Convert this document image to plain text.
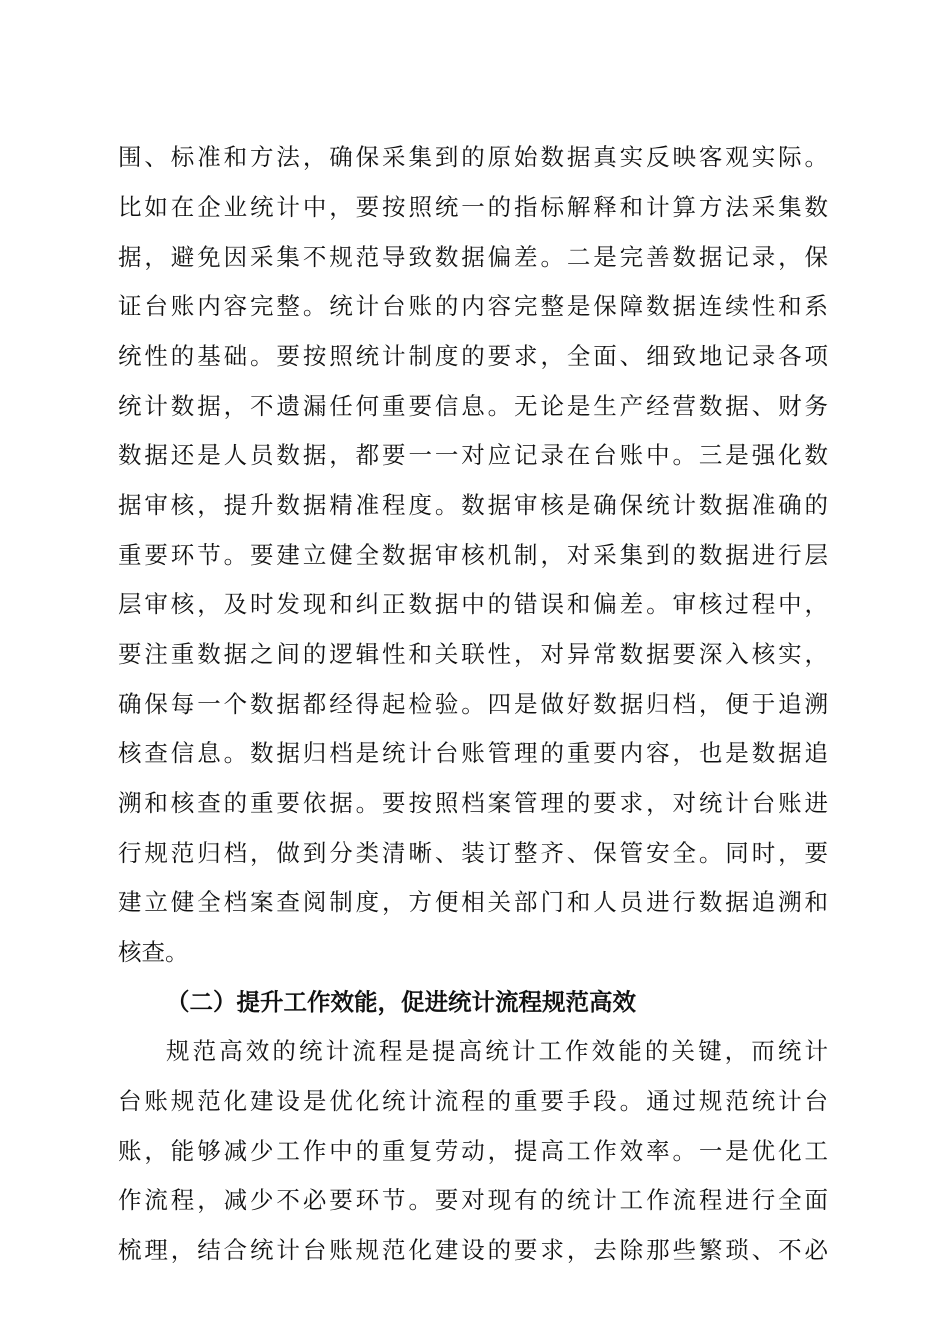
围、标准和方法，确保采集到的原始数据真实反映客观实际。
比如在企业统计中，要按照统一的指标解释和计算方法采集数
据，避免因采集不规范导致数据偏差。二是完善数据记录，保
证台账内容完整。统计台账的内容完整是保障数据连续性和系
统性的基础。要按照统计制度的要求，全面、细致地记录各项
统计数据，不遗漏任何重要信息。无论是生产经营数据、财务
数据还是人员数据，都要一一对应记录在台账中。三是强化数
据审核，提升数据精准程度。数据审核是确保统计数据准确的
重要环节。要建立健全数据审核机制，对采集到的数据进行层
层审核，及时发现和纠正数据中的错误和偏差。审核过程中，
要注重数据之间的逻辑性和关联性，对异常数据要深入核实，
确保每一个数据都经得起检验。四是做好数据归档，便于追溯
核查信息。数据归档是统计台账管理的重要内容，也是数据追
溯和核查的重要依据。要按照档案管理的要求，对统计台账进
行规范归档，做到分类清晰、装订整齐、保管安全。同时，要
建立健全档案查阅制度，方便相关部门和人员进行数据追溯和
核查。
（二）提升工作效能，促进统计流程规范高效
规范高效的统计流程是提高统计工作效能的关键，而统计
台账规范化建设是优化统计流程的重要手段。通过规范统计台
账，能够减少工作中的重复劳动，提高工作效率。一是优化工
作流程，减少不必要环节。要对现有的统计工作流程进行全面
梳理，结合统计台账规范化建设的要求，去除那些繁琐、不必
